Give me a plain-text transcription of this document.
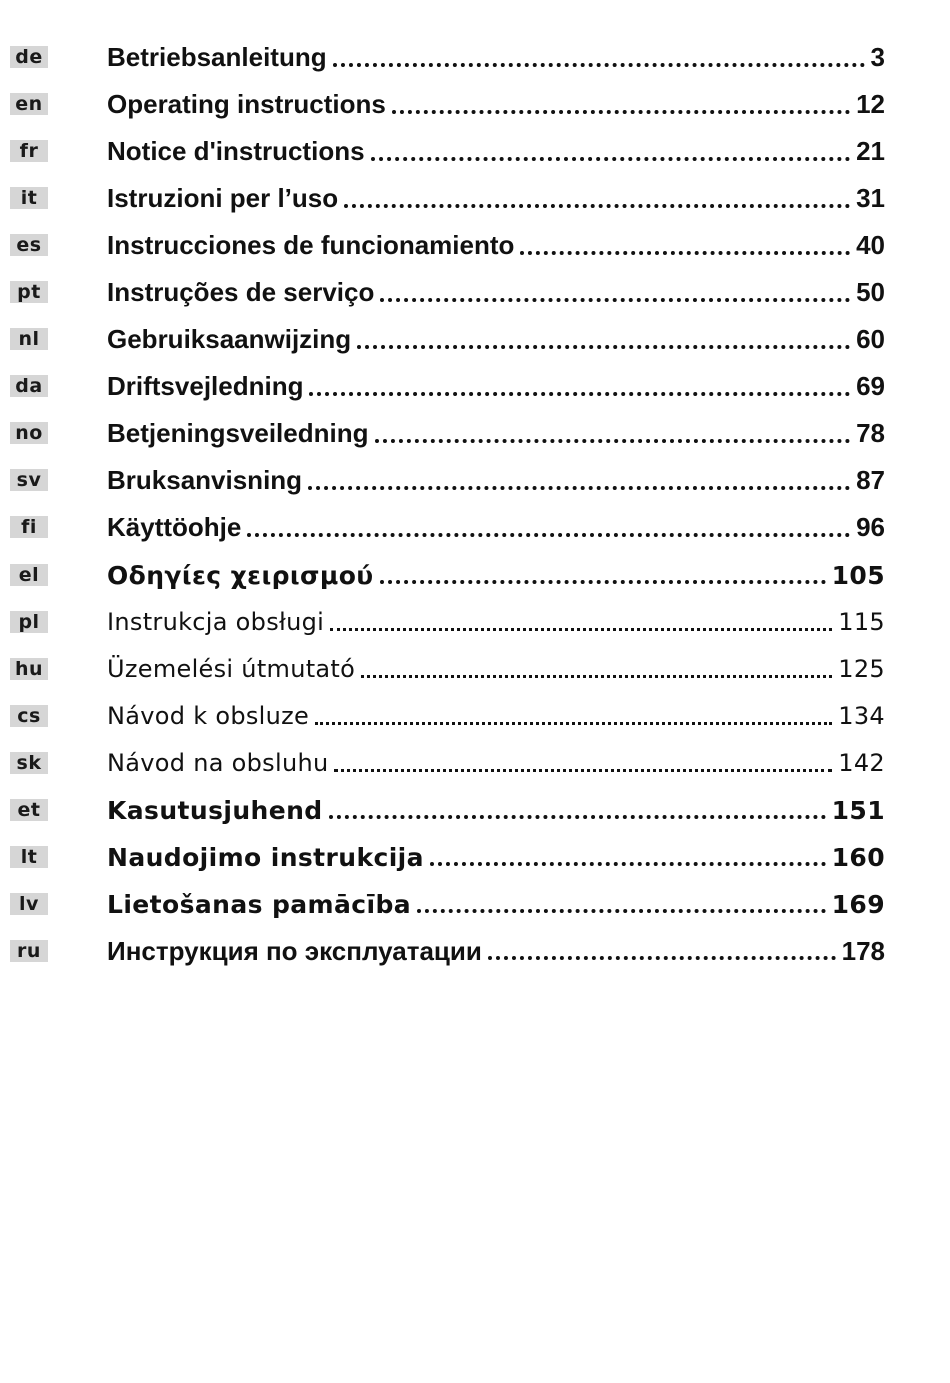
de Betriebsanleitung	3
en Operating instructions	12
fr	Notice d'instructions	21
it	Istruzioni per l’uso	31
es	Instrucciones de funcionamiento	40
pt	Instruções de serviço	50
nl	Gebruiksaanwijzing	60
da Driftsvejledning	69
no Betjeningsveiledning	78
sv	Bruksanvisning	87
fi	Käyttöohje	96
el	Οδηγίες χειρισμού	105
pl	Instrukcja obsługi	115
hu	Üzemelési útmutató	125
cs	Návod k obsluze	134
sk	Návod na obsluhu	142
et	Kasutusjuhend	151
lt	Naudojimo instrukcija	160
lv	Lietošanas pamācība	169
ru	Инструкция по эксплуатации	178
